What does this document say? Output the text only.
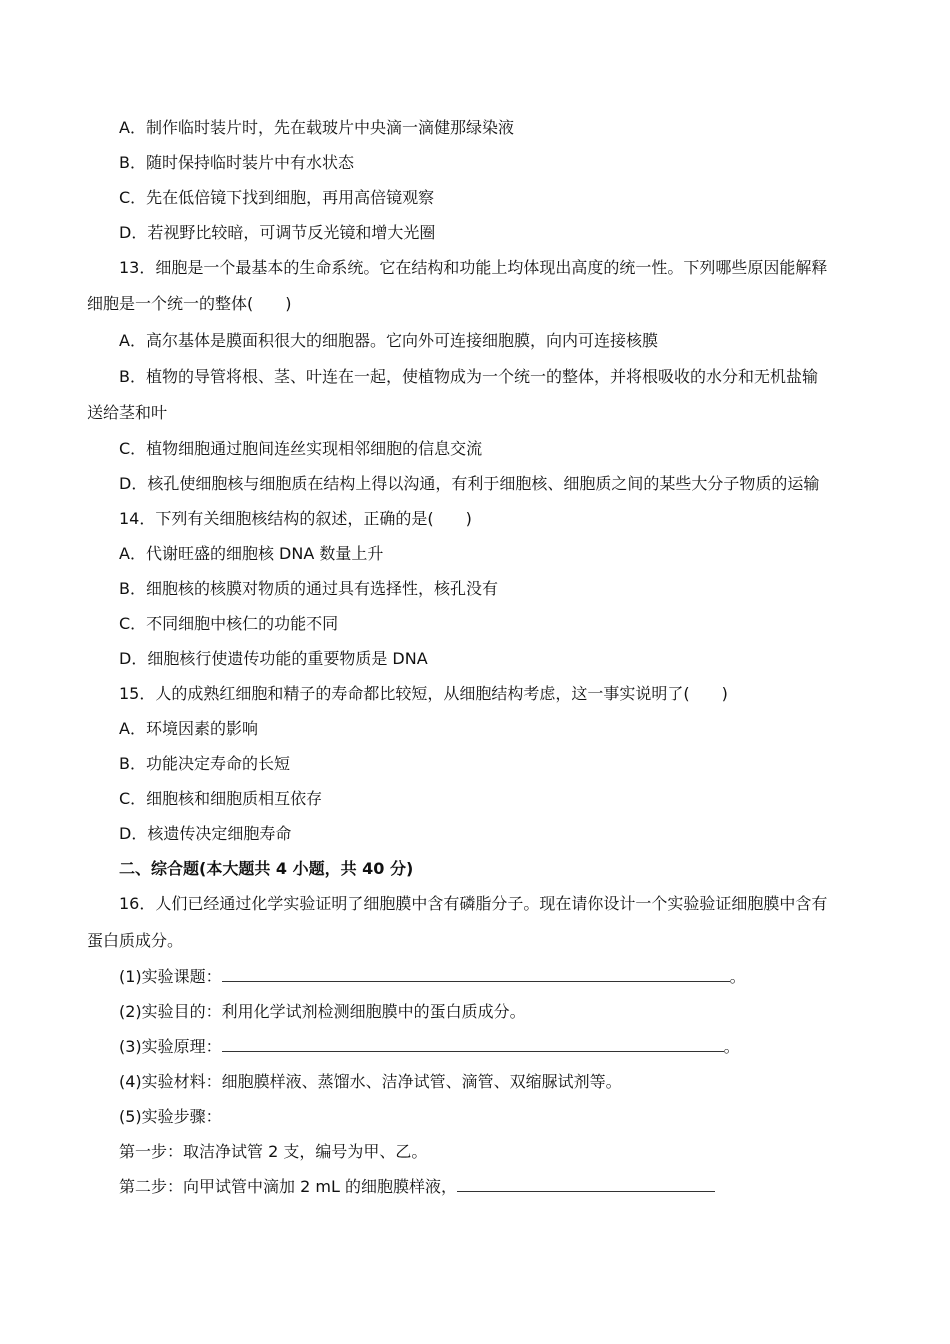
A．制作临时装片时，先在载玻片中央滴一滴健那绿染液
B．随时保持临时装片中有水状态
C．先在低倍镜下找到细胞，再用高倍镜观察
D．若视野比较暗，可调节反光镜和增大光圈
13．细胞是一个最基本的生命系统。它在结构和功能上均体现出高度的统一性。下列哪些原因能解释
细胞是一个统一的整体(　　)
A．高尔基体是膜面积很大的细胞器。它向外可连接细胞膜，向内可连接核膜
B．植物的导管将根、茎、叶连在一起，使植物成为一个统一的整体，并将根吸收的水分和无机盐输
送给茎和叶
C．植物细胞通过胞间连丝实现相邻细胞的信息交流
D．核孔使细胞核与细胞质在结构上得以沟通，有利于细胞核、细胞质之间的某些大分子物质的运输
14．下列有关细胞核结构的叙述，正确的是(　　)
A．代谢旺盛的细胞核 DNA 数量上升
B．细胞核的核膜对物质的通过具有选择性，核孔没有
C．不同细胞中核仁的功能不同
D．细胞核行使遗传功能的重要物质是 DNA
15．人的成熟红细胞和精子的寿命都比较短，从细胞结构考虑，这一事实说明了(　　)
A．环境因素的影响
B．功能决定寿命的长短
C．细胞核和细胞质相互依存
D．核遗传决定细胞寿命
二、综合题(本大题共 4 小题，共 40 分)
16．人们已经通过化学实验证明了细胞膜中含有磷脂分子。现在请你设计一个实验验证细胞膜中含有
蛋白质成分。
(1)实验课题：	。
(2)实验目的：利用化学试剂检测细胞膜中的蛋白质成分。
(3)实验原理：	。
(4)实验材料：细胞膜样液、蒸馏水、洁净试管、滴管、双缩脲试剂等。
(5)实验步骤：
第一步：取洁净试管 2 支，编号为甲、乙。
第二步：向甲试管中滴加 2 mL 的细胞膜样液，
